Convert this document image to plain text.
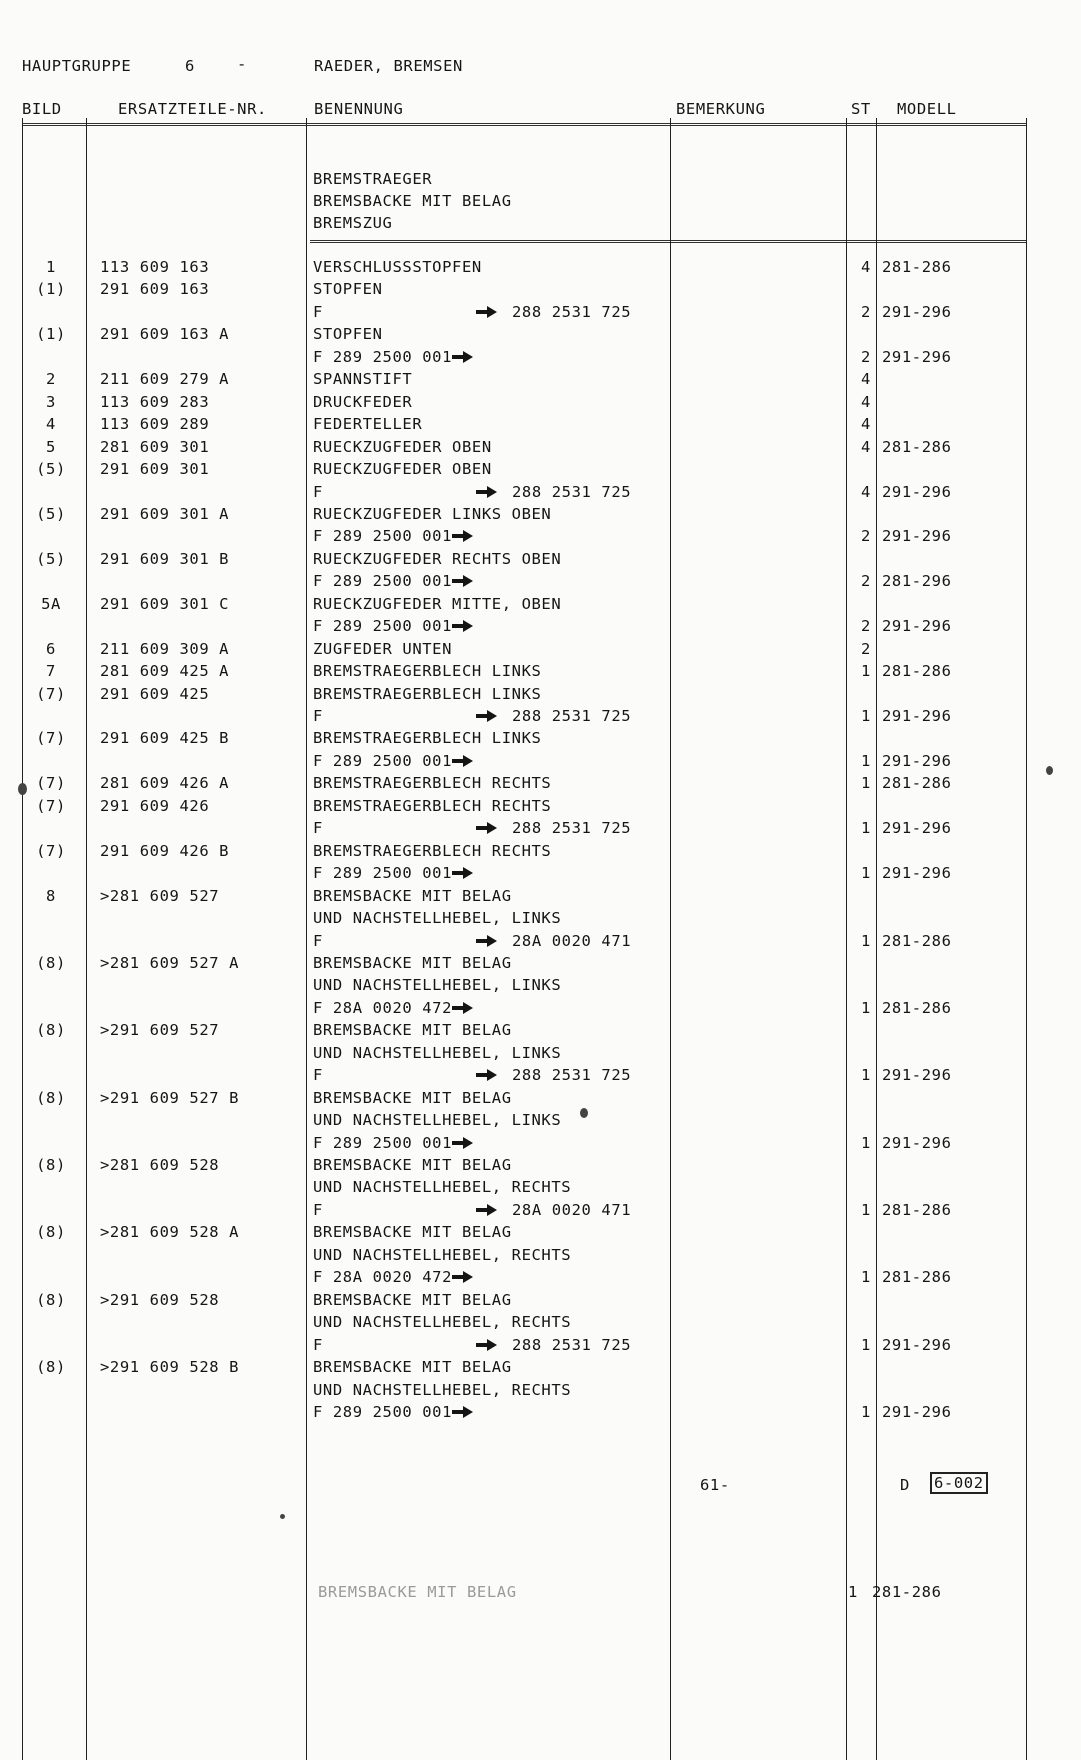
HAUPTGRUPPE	6	-	RAEDER, BREMSEN
BILD	ERSATZTEILE-NR.	BENENNUNG	BEMERKUNG	ST MODELL
BREMSTRAEGER
BREMSBACKE MIT BELAG
BREMSZUG
1	113 609 163	VERSCHLUSSSTOPFEN	4 281-286
(1)	291 609 163	STOPFEN
F	288 2531 725	2 291-296
(1)	291 609 163 A	STOPFEN
F 289 2500 001	2 291-296
2	211 609 279 A	SPANNSTIFT	4
3	113 609 283	DRUCKFEDER	4
4	113 609 289	FEDERTELLER	4
5	281 609 301	RUECKZUGFEDER OBEN	4 281-286
(5)	291 609 301	RUECKZUGFEDER OBEN
F	288 2531 725	4 291-296
(5)	291 609 301 A	RUECKZUGFEDER LINKS OBEN
F 289 2500 001	2 291-296
(5)	291 609 301 B	RUECKZUGFEDER RECHTS OBEN
F 289 2500 001	2 281-296
5A	291 609 301 C	RUECKZUGFEDER MITTE, OBEN
F 289 2500 001	2 291-296
6	211 609 309 A	ZUGFEDER UNTEN	2
7	281 609 425 A	BREMSTRAEGERBLECH LINKS	1 281-286
(7)	291 609 425	BREMSTRAEGERBLECH LINKS
F	288 2531 725	1 291-296
(7)	291 609 425 B	BREMSTRAEGERBLECH LINKS
F 289 2500 001	1 291-296
(7)	281 609 426 A	BREMSTRAEGERBLECH RECHTS	1 281-286
(7)	291 609 426	BREMSTRAEGERBLECH RECHTS
F	288 2531 725	1 291-296
(7)	291 609 426 B	BREMSTRAEGERBLECH RECHTS
F 289 2500 001	1 291-296
8	>281 609 527	BREMSBACKE MIT BELAG
UND NACHSTELLHEBEL, LINKS
F	28A 0020 471	1 281-286
(8)	>281 609 527 A	BREMSBACKE MIT BELAG
UND NACHSTELLHEBEL, LINKS
F 28A 0020 472	1 281-286
(8)	>291 609 527	BREMSBACKE MIT BELAG
UND NACHSTELLHEBEL, LINKS
F	288 2531 725	1 291-296
(8)	>291 609 527 B	BREMSBACKE MIT BELAG
UND NACHSTELLHEBEL, LINKS
F 289 2500 001	1 291-296
(8)	>281 609 528	BREMSBACKE MIT BELAG
UND NACHSTELLHEBEL, RECHTS
F	28A 0020 471	1 281-286
(8)	>281 609 528 A	BREMSBACKE MIT BELAG
UND NACHSTELLHEBEL, RECHTS
F 28A 0020 472	1 281-286
(8)	>291 609 528	BREMSBACKE MIT BELAG
UND NACHSTELLHEBEL, RECHTS
F	288 2531 725	1 291-296
(8)	>291 609 528 B	BREMSBACKE MIT BELAG
UND NACHSTELLHEBEL, RECHTS
F 289 2500 001	1 291-296
61-	D 6-002
BREMSBACKE MIT BELAG	1 281-286
